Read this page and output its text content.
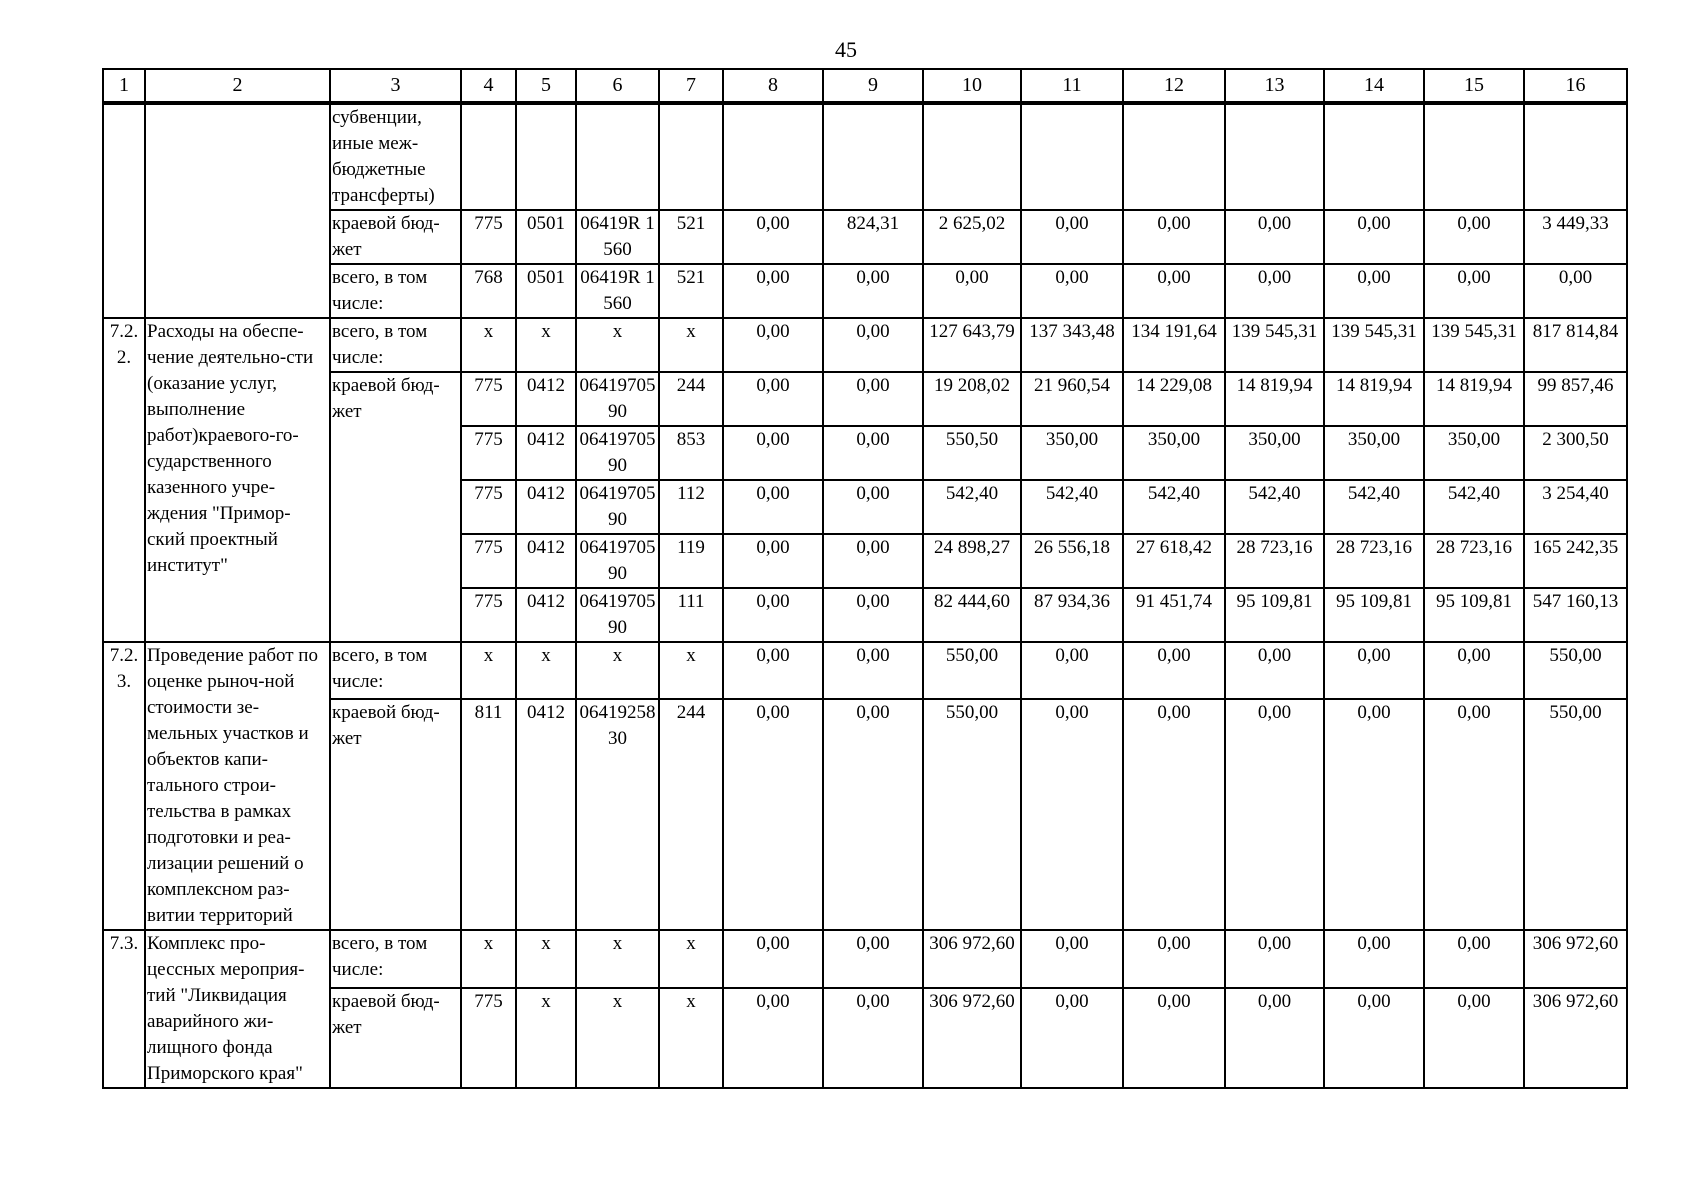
45
1	2	3	4	5	6	7	8	9	10	11	12	13	14	15	16
		субвенции, иные меж-бюджетные трансферты)													
		краевой бюд-жет	775	0501	06419R 1560	521	0,00	824,31	2 625,02	0,00	0,00	0,00	0,00	0,00	3 449,33
		всего, в том числе:	768	0501	06419R 1560	521	0,00	0,00	0,00	0,00	0,00	0,00	0,00	0,00	0,00
7.2.2.	Расходы на обеспе-чение деятельно-сти (оказание услуг, выполнение работ)краевого-го-сударственного казенного учре-ждения "Примор-ский проектный институт"	всего, в том числе:	х	х	х	х	0,00	0,00	127 643,79	137 343,48	134 191,64	139 545,31	139 545,31	139 545,31	817 814,84
		краевой бюд-жет	775	0412	0641970590	244	0,00	0,00	19 208,02	21 960,54	14 229,08	14 819,94	14 819,94	14 819,94	99 857,46
			775	0412	0641970590	853	0,00	0,00	550,50	350,00	350,00	350,00	350,00	350,00	2 300,50
			775	0412	0641970590	112	0,00	0,00	542,40	542,40	542,40	542,40	542,40	542,40	3 254,40
			775	0412	0641970590	119	0,00	0,00	24 898,27	26 556,18	27 618,42	28 723,16	28 723,16	28 723,16	165 242,35
			775	0412	0641970590	111	0,00	0,00	82 444,60	87 934,36	91 451,74	95 109,81	95 109,81	95 109,81	547 160,13
7.2.3.	Проведение работ по оценке рыноч-ной стоимости зе-мельных участков и объектов капи-тального строи-тельства в рамках подготовки и реа-лизации решений о комплексном раз-витии территорий	всего, в том числе:	х	х	х	х	0,00	0,00	550,00	0,00	0,00	0,00	0,00	0,00	550,00
		краевой бюд-жет	811	0412	0641925830	244	0,00	0,00	550,00	0,00	0,00	0,00	0,00	0,00	550,00
7.3.	Комплекс про-цессных мероприя-тий "Ликвидация аварийного жи-лищного фонда Приморского края"	всего, в том числе:	х	х	х	х	0,00	0,00	306 972,60	0,00	0,00	0,00	0,00	0,00	306 972,60
		краевой бюд-жет	775	х	х	х	0,00	0,00	306 972,60	0,00	0,00	0,00	0,00	0,00	306 972,60
